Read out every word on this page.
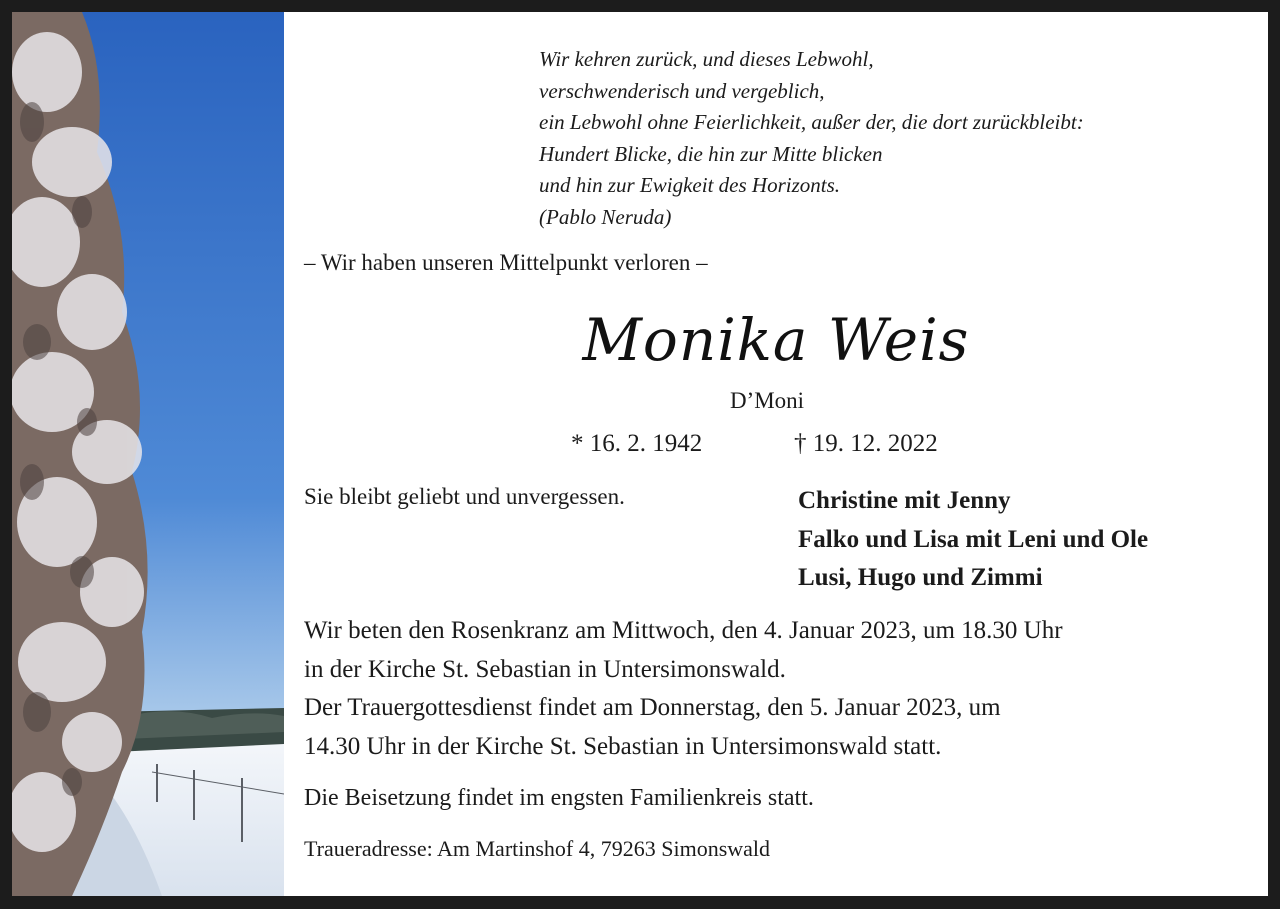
Wir kehren zurück, und dieses Lebwohl,
verschwenderisch und vergeblich,
ein Lebwohl ohne Feierlichkeit, außer der, die dort zurückbleibt:
Hundert Blicke, die hin zur Mitte blicken
und hin zur Ewigkeit des Horizonts.
(Pablo Neruda)
– Wir haben unseren Mittelpunkt verloren –
Monika Weis
D’Moni
* 16. 2. 1942	† 19. 12. 2022
Sie bleibt geliebt und unvergessen.	Christine mit Jenny
Falko und Lisa mit Leni und Ole
Lusi, Hugo und Zimmi
Wir beten den Rosenkranz am Mittwoch, den 4. Januar 2023, um 18.30 Uhr
in der Kirche St. Sebastian in Untersimonswald.
Der Trauergottesdienst findet am Donnerstag, den 5. Januar 2023, um
14.30 Uhr in der Kirche St. Sebastian in Untersimonswald statt.
Die Beisetzung findet im engsten Familienkreis statt.
Traueradresse: Am Martinshof 4, 79263 Simonswald
